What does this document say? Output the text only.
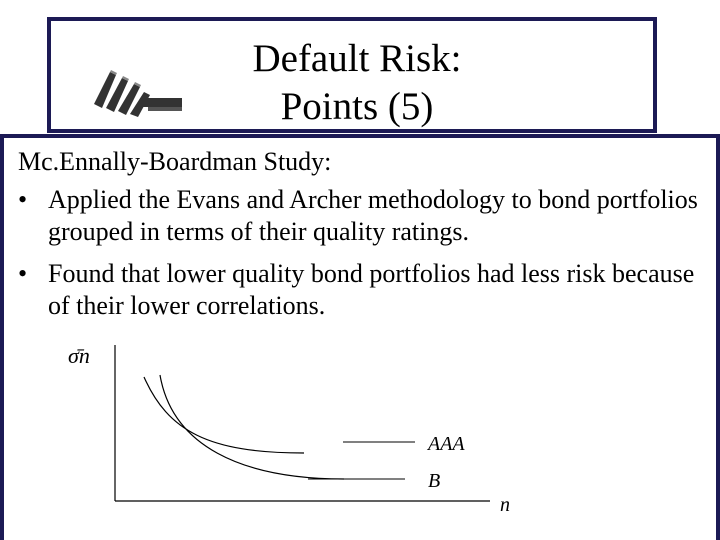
Default Risk:
Points (5)
Mc.Ennally-Boardman Study:
• Applied the Evans and Archer methodology to bond portfolios grouped in terms of their quality ratings.
• Found that lower quality bond portfolios had less risk because of their lower correlations.
σ̄n
n
AAA
B
